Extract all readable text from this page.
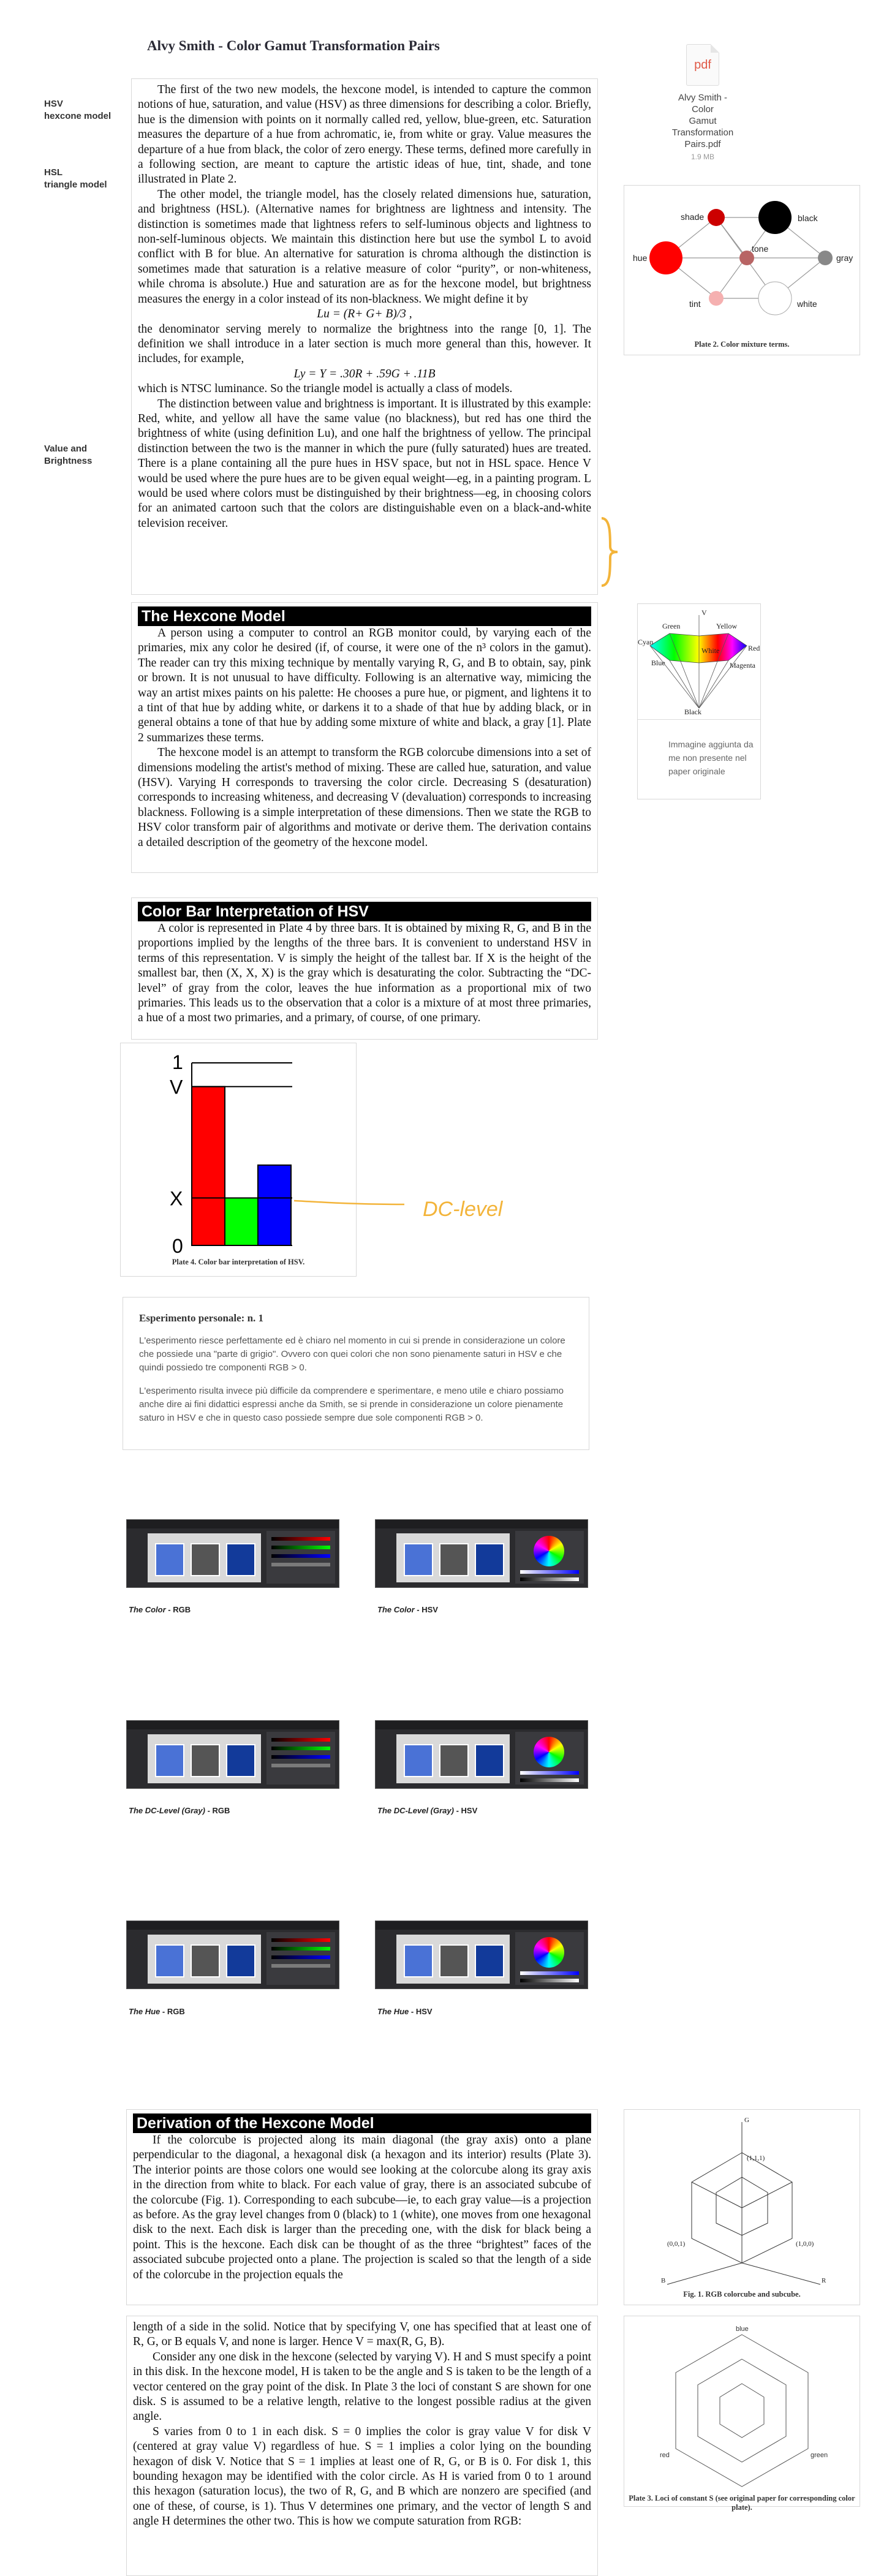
Alvy Smith - Color Gamut Transformation Pairs
HSV
hexcone model
HSL
triangle model
Value and
Brightness
pdf
Alvy Smith - Color
Gamut Transformation
Pairs.pdf
1.9 MB
shade	black
hue
tone
gray
tint	white
Plate 2. Color mixture terms.

The first of the two new models, the hexcone model, is intended to capture the common notions of hue, saturation, and value (HSV) as three dimensions for describing a color. Briefly, hue is the dimension with points on it normally called red, yellow, blue-green, etc. Saturation measures the departure of a hue from achromatic, ie, from white or gray. Value measures the departure of a hue from black, the color of zero energy. These terms, defined more carefully in a following section, are meant to capture the artistic ideas of hue, tint, shade, and tone illustrated in Plate 2.

The other model, the triangle model, has the closely related dimensions hue, saturation, and brightness (HSL). (Alternative names for brightness are lightness and intensity. The distinction is sometimes made that lightness refers to self-luminous objects and lightness to non-self-luminous objects. We maintain this distinction here but use the symbol L to avoid conflict with B for blue. An alternative for saturation is chroma although the distinction is sometimes made that saturation is a relative measure of color “purity”, or non-whiteness, while chroma is absolute.) Hue and saturation are as for the hexcone model, but brightness measures the energy in a color instead of its non-blackness. We might define it by

Lu = (R+ G+ B)/3 ,

the denominator serving merely to normalize the brightness into the range [0, 1]. The definition we shall introduce in a later section is much more general than this, however. It includes, for example,

Ly = Y = .30R + .59G + .11B

which is NTSC luminance. So the triangle model is actually a class of models.

The distinction between value and brightness is important. It is illustrated by this example: Red, white, and yellow all have the same value (no blackness), but red has one third the brightness of white (using definition Lu), and one half the brightness of yellow. The principal distinction between the two is the manner in which the pure (fully saturated) hues are treated. There is a plane containing all the pure hues in HSV space, but not in HSL space. Hence V would be used where the pure hues are to be given equal weight—eg, in a painting program. L would be used where colors must be distinguished by their brightness—eg, in choosing colors for an animated cartoon such that the colors are distinguishable even on a black-and-white television receiver.

The Hexcone Model

A person using a computer to control an RGB monitor could, by varying each of the primaries, mix any color he desired (if, of course, it were one of the n³ colors in the gamut). The reader can try this mixing technique by mentally varying R, G, and B to obtain, say, pink or brown. It is not unusual to have difficulty. Following is an alternative way, mimicing the way an artist mixes paints on his palette: He chooses a pure hue, or pigment, and lightens it to a tint of that hue by adding white, or darkens it to a shade of that hue by adding black, or in general obtains a tone of that hue by adding some mixture of white and black, a gray [1]. Plate 2 summarizes these terms.

The hexcone model is an attempt to transform the RGB colorcube dimensions into a set of dimensions modeling the artist's method of mixing. These are called hue, saturation, and value (HSV). Varying H corresponds to traversing the color circle. Decreasing S (desaturation) corresponds to increasing whiteness, and decreasing V (devaluation) corresponds to increasing blackness. Following is a simple interpretation of these dimensions. Then we state the RGB to HSV color transform pair of algorithms and motivate or derive them. The derivation contains a detailed description of the geometry of the hexcone model.

V
Green	Yellow
Cyan
Red
White
Blue	Magenta
Black
Immagine aggiunta da
me non presente nel
paper originale
Color Bar Interpretation of HSV

A color is represented in Plate 4 by three bars. It is obtained by mixing R, G, and B in the proportions implied by the lengths of the three bars. It is convenient to understand HSV in terms of this representation. V is simply the height of the tallest bar. If X is the height of the smallest bar, then (X, X, X) is the gray which is desaturating the color. Subtracting the “DC-level” of gray from the color, leaves the hue information as a proportional mix of two primaries. This leads us to the observation that a color is a mixture of at most three primaries, a hue of a most two primaries, and a primary, of course, of one primary.

1
V
X
0
Plate 4. Color bar interpretation of HSV.
DC-level
Esperimento personale: n. 1
L'esperimento riesce perfettamente ed è chiaro nel momento in cui si prende in considerazione un colore che possiede una "parte di grigio". Ovvero con quei colori che non sono pienamente saturi in HSV e che quindi possiedo tre componenti RGB > 0.
L'esperimento risulta invece più difficile da comprendere e sperimentare, e meno utile e chiaro possiamo anche dire ai fini didattici espressi anche da Smith, se si prende in considerazione un colore pienamente saturo in HSV e che in questo caso possiede sempre due sole componenti RGB > 0.
The Color - RGB	The Color - HSV
The DC-Level (Gray) - RGB	The DC-Level (Gray) - HSV
The Hue - RGB	The Hue - HSV
Derivation of the Hexcone Model

If the colorcube is projected along its main diagonal (the gray axis) onto a plane perpendicular to the diagonal, a hexagonal disk (a hexagon and its interior) results (Plate 3). The interior points are those colors one would see looking at the colorcube along its gray axis in the direction from white to black. For each value of gray, there is an associated subcube of the colorcube (Fig. 1). Corresponding to each subcube—ie, to each gray value—is a projection as before. As the gray level changes from 0 (black) to 1 (white), one moves from one hexagonal disk to the next. Each disk is larger than the preceding one, with the disk for black being a point. This is the hexcone. Each disk can be thought of as the three “brightest” faces of the associated subcube projected onto a plane. The projection is scaled so that the length of a side of the colorcube in the projection equals the

G
(1,1,1)
(0,0,1)	(1,0,0)
B	R
Fig. 1. RGB colorcube and subcube.

length of a side in the solid. Notice that by specifying V, one has specified that at least one of R, G, or B equals V, and none is larger. Hence V = max(R, G, B).

Consider any one disk in the hexcone (selected by varying V). H and S must specify a point in this disk. In the hexcone model, H is taken to be the angle and S is taken to be the length of a vector centered on the gray point of the disk. In Plate 3 the loci of constant S are shown for one disk. S is assumed to be a relative length, relative to the longest possible radius at the given angle.

S varies from 0 to 1 in each disk. S = 0 implies the color is gray value V for disk V (centered at gray value V) regardless of hue. S = 1 implies a color lying on the bounding hexagon of disk V. Notice that S = 1 implies at least one of R, G, or B is 0. For disk 1, this bounding hexagon may be identified with the color circle. As H is varied from 0 to 1 around this hexagon (saturation locus), the two of R, G, and B which are nonzero are specified (and one of these, of course, is 1). Thus V determines one primary, and the vector of length S and angle H determines the other two. This is how we compute saturation from RGB:

blue
red	green
Plate 3. Loci of constant S (see original paper for corresponding color plate).
